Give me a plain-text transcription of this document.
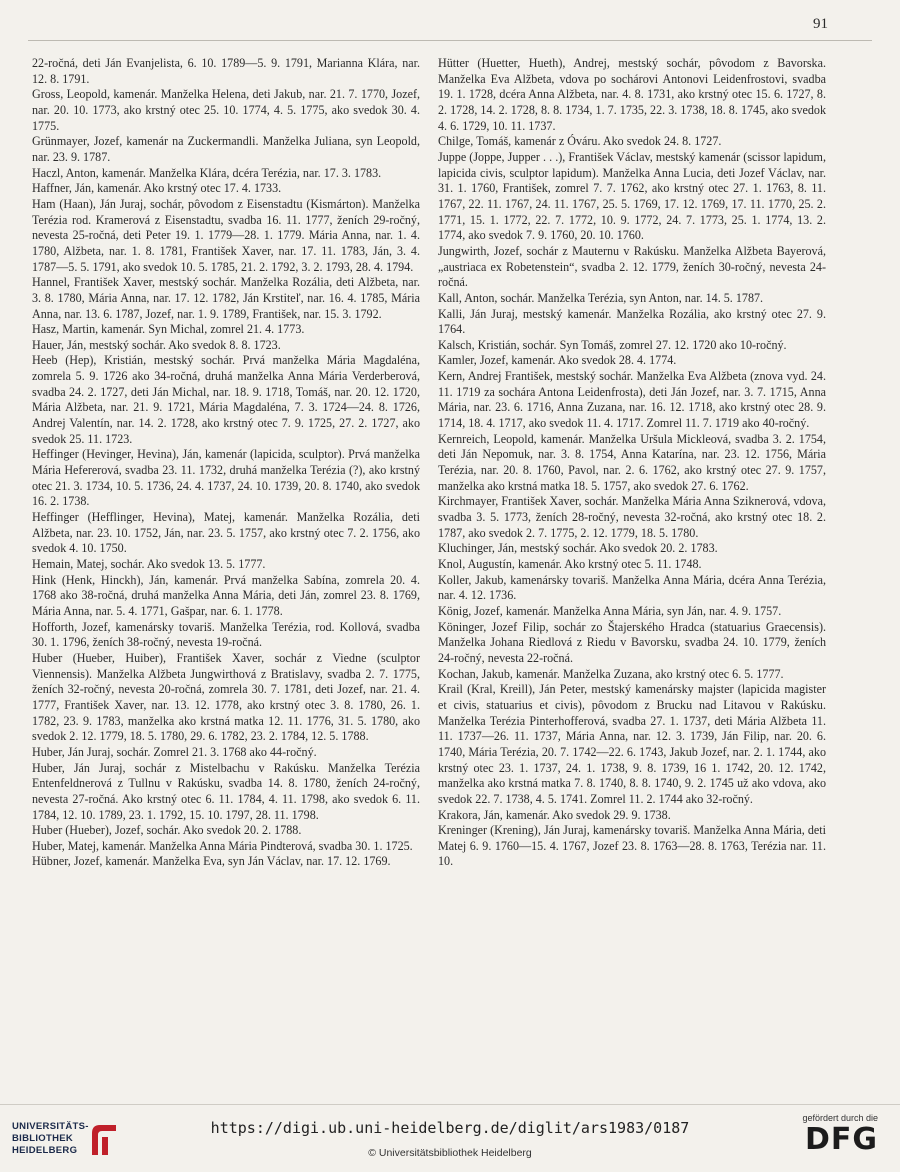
91

22-ročná, deti Ján Evanjelista, 6. 10. 1789—5. 9. 1791, Marianna Klára, nar. 12. 8. 1791.

Gross, Leopold, kamenár. Manželka Helena, deti Jakub, nar. 21. 7. 1770, Jozef, nar. 20. 10. 1773, ako krstný otec 25. 10. 1774, 4. 5. 1775, ako svedok 30. 4. 1775.

Grünmayer, Jozef, kamenár na Zuckermandli. Manželka Juliana, syn Leopold, nar. 23. 9. 1787.

Haczl, Anton, kamenár. Manželka Klára, dcéra Terézia, nar. 17. 3. 1783.

Haffner, Ján, kamenár. Ako krstný otec 17. 4. 1733.

Ham (Haan), Ján Juraj, sochár, pôvodom z Eisenstadtu (Kismárton). Manželka Terézia rod. Kramerová z Eisenstadtu, svadba 16. 11. 1777, ženích 29-ročný, nevesta 25-ročná, deti Peter 19. 1. 1779—28. 1. 1779. Mária Anna, nar. 1. 4. 1780, Alžbeta, nar. 1. 8. 1781, František Xaver, nar. 17. 11. 1783, Ján, 3. 4. 1787—5. 5. 1791, ako svedok 10. 5. 1785, 21. 2. 1792, 3. 2. 1793, 28. 4. 1794.

Hannel, František Xaver, mestský sochár. Manželka Rozália, deti Alžbeta, nar. 3. 8. 1780, Mária Anna, nar. 17. 12. 1782, Ján Krstiteľ, nar. 16. 4. 1785, Mária Anna, nar. 13. 6. 1787, Jozef, nar. 1. 9. 1789, František, nar. 15. 3. 1792.

Hasz, Martin, kamenár. Syn Michal, zomrel 21. 4. 1773.

Hauer, Ján, mestský sochár. Ako svedok 8. 8. 1723.

Heeb (Hep), Kristián, mestský sochár. Prvá manželka Mária Magdaléna, zomrela 5. 9. 1726 ako 34-ročná, druhá manželka Anna Mária Verderberová, svadba 24. 2. 1727, deti Ján Michal, nar. 18. 9. 1718, Tomáš, nar. 20. 12. 1720, Mária Alžbeta, nar. 21. 9. 1721, Mária Magdaléna, 7. 3. 1724—24. 8. 1726, Andrej Valentín, nar. 14. 2. 1728, ako krstný otec 7. 9. 1725, 27. 2. 1727, ako svedok 25. 11. 1723.

Heffinger (Hevinger, Hevina), Ján, kamenár (lapicida, sculptor). Prvá manželka Mária Hefererová, svadba 23. 11. 1732, druhá manželka Terézia (?), ako krstný otec 21. 3. 1734, 10. 5. 1736, 24. 4. 1737, 24. 10. 1739, 20. 8. 1740, ako svedok 16. 2. 1738.

Heffinger (Hefflinger, Hevina), Matej, kamenár. Manželka Rozália, deti Alžbeta, nar. 23. 10. 1752, Ján, nar. 23. 5. 1757, ako krstný otec 7. 2. 1756, ako svedok 4. 10. 1750.

Hemain, Matej, sochár. Ako svedok 13. 5. 1777.

Hink (Henk, Hinckh), Ján, kamenár. Prvá manželka Sabína, zomrela 20. 4. 1768 ako 38-ročná, druhá manželka Anna Mária, deti Ján, zomrel 23. 8. 1769, Mária Anna, nar. 5. 4. 1771, Gašpar, nar. 6. 1. 1778.

Hofforth, Jozef, kamenársky tovariš. Manželka Terézia, rod. Kollová, svadba 30. 1. 1796, ženích 38-ročný, nevesta 19-ročná.

Huber (Hueber, Huiber), František Xaver, sochár z Viedne (sculptor Viennensis). Manželka Alžbeta Jungwirthová z Bratislavy, svadba 2. 7. 1775, ženích 32-ročný, nevesta 20-ročná, zomrela 30. 7. 1781, deti Jozef, nar. 21. 4. 1777, František Xaver, nar. 13. 12. 1778, ako krstný otec 3. 8. 1780, 26. 1. 1782, 23. 9. 1783, manželka ako krstná matka 12. 11. 1776, 31. 5. 1780, ako svedok 2. 12. 1779, 18. 5. 1780, 29. 6. 1782, 23. 2. 1784, 12. 5. 1788.

Huber, Ján Juraj, sochár. Zomrel 21. 3. 1768 ako 44-ročný.

Huber, Ján Juraj, sochár z Mistelbachu v Rakúsku. Manželka Terézia Entenfeldnerová z Tullnu v Rakúsku, svadba 14. 8. 1780, ženích 24-ročný, nevesta 27-ročná. Ako krstný otec 6. 11. 1784, 4. 11. 1798, ako svedok 6. 11. 1784, 12. 10. 1789, 23. 1. 1792, 15. 10. 1797, 28. 11. 1798.

Huber (Hueber), Jozef, sochár. Ako svedok 20. 2. 1788.

Huber, Matej, kamenár. Manželka Anna Mária Pindterová, svadba 30. 1. 1725.

Hübner, Jozef, kamenár. Manželka Eva, syn Ján Václav, nar. 17. 12. 1769.

Hütter (Huetter, Hueth), Andrej, mestský sochár, pôvodom z Bavorska. Manželka Eva Alžbeta, vdova po sochárovi Antonovi Leidenfrostovi, svadba 19. 1. 1728, dcéra Anna Alžbeta, nar. 4. 8. 1731, ako krstný otec 15. 6. 1727, 8. 2. 1728, 14. 2. 1728, 8. 8. 1734, 1. 7. 1735, 22. 3. 1738, 18. 8. 1745, ako svedok 4. 6. 1729, 10. 11. 1737.

Chilge, Tomáš, kamenár z Óváru. Ako svedok 24. 8. 1727.

Juppe (Joppe, Jupper . . .), František Václav, mestský kamenár (scissor lapidum, lapicida civis, sculptor lapidum). Manželka Anna Lucia, deti Jozef Václav, nar. 31. 1. 1760, František, zomrel 7. 7. 1762, ako krstný otec 27. 1. 1763, 8. 11. 1767, 22. 11. 1767, 24. 11. 1767, 25. 5. 1769, 17. 12. 1769, 17. 11. 1770, 25. 2. 1771, 15. 1. 1772, 22. 7. 1772, 10. 9. 1772, 24. 7. 1773, 25. 1. 1774, 13. 2. 1774, ako svedok 7. 9. 1760, 20. 10. 1760.

Jungwirth, Jozef, sochár z Mauternu v Rakúsku. Manželka Alžbeta Bayerová, „austriaca ex Robetenstein“, svadba 2. 12. 1779, ženích 30-ročný, nevesta 24-ročná.

Kall, Anton, sochár. Manželka Terézia, syn Anton, nar. 14. 5. 1787.

Kalli, Ján Juraj, mestský kamenár. Manželka Rozália, ako krstný otec 27. 9. 1764.

Kalsch, Kristián, sochár. Syn Tomáš, zomrel 27. 12. 1720 ako 10-ročný.

Kamler, Jozef, kamenár. Ako svedok 28. 4. 1774.

Kern, Andrej František, mestský sochár. Manželka Eva Alžbeta (znova vyd. 24. 11. 1719 za sochára Antona Leidenfrosta), deti Ján Jozef, nar. 3. 7. 1715, Anna Mária, nar. 23. 6. 1716, Anna Zuzana, nar. 16. 12. 1718, ako krstný otec 28. 9. 1714, 18. 4. 1717, ako svedok 11. 4. 1717. Zomrel 11. 7. 1719 ako 40-ročný.

Kernreich, Leopold, kamenár. Manželka Uršula Mickleová, svadba 3. 2. 1754, deti Ján Nepomuk, nar. 3. 8. 1754, Anna Katarína, nar. 23. 12. 1756, Mária Terézia, nar. 20. 8. 1760, Pavol, nar. 2. 6. 1762, ako krstný otec 27. 9. 1757, manželka ako krstná matka 18. 5. 1757, ako svedok 27. 6. 1762.

Kirchmayer, František Xaver, sochár. Manželka Mária Anna Sziknerová, vdova, svadba 3. 5. 1773, ženích 28-ročný, nevesta 32-ročná, ako krstný otec 18. 2. 1787, ako svedok 2. 7. 1775, 2. 12. 1779, 18. 5. 1780.

Kluchinger, Ján, mestský sochár. Ako svedok 20. 2. 1783.

Knol, Augustín, kamenár. Ako krstný otec 5. 11. 1748.

Koller, Jakub, kamenársky tovariš. Manželka Anna Mária, dcéra Anna Terézia, nar. 4. 12. 1736.

König, Jozef, kamenár. Manželka Anna Mária, syn Ján, nar. 4. 9. 1757.

Köninger, Jozef Filip, sochár zo Štajerského Hradca (statuarius Graecensis). Manželka Johana Riedlová z Riedu v Bavorsku, svadba 24. 10. 1779, ženích 24-ročný, nevesta 22-ročná.

Kochan, Jakub, kamenár. Manželka Zuzana, ako krstný otec 6. 5. 1777.

Krail (Kral, Kreill), Ján Peter, mestský kamenársky majster (lapicida magister et civis, statuarius et civis), pôvodom z Brucku nad Litavou v Rakúsku. Manželka Terézia Pinterhofferová, svadba 27. 1. 1737, deti Mária Alžbeta 11. 11. 1737—26. 11. 1737, Mária Anna, nar. 12. 3. 1739, Ján Filip, nar. 20. 6. 1740, Mária Terézia, 20. 7. 1742—22. 6. 1743, Jakub Jozef, nar. 2. 1. 1744, ako krstný otec 23. 1. 1737, 24. 1. 1738, 9. 8. 1739, 16 1. 1742, 20. 12. 1742, manželka ako krstná matka 7. 8. 1740, 8. 8. 1740, 9. 2. 1745 už ako vdova, ako svedok 22. 7. 1738, 4. 5. 1741. Zomrel 11. 2. 1744 ako 32-ročný.

Krakora, Ján, kamenár. Ako svedok 29. 9. 1738.

Kreninger (Krening), Ján Juraj, kamenársky tovariš. Manželka Anna Mária, deti Matej 6. 9. 1760—15. 4. 1767, Jozef 23. 8. 1763—28. 8. 1763, Terézia nar. 11. 10.

UNIVERSITÄTS-
BIBLIOTHEK
HEIDELBERG
https://digi.ub.uni-heidelberg.de/diglit/ars1983/0187
© Universitätsbibliothek Heidelberg
gefördert durch die
DFG
